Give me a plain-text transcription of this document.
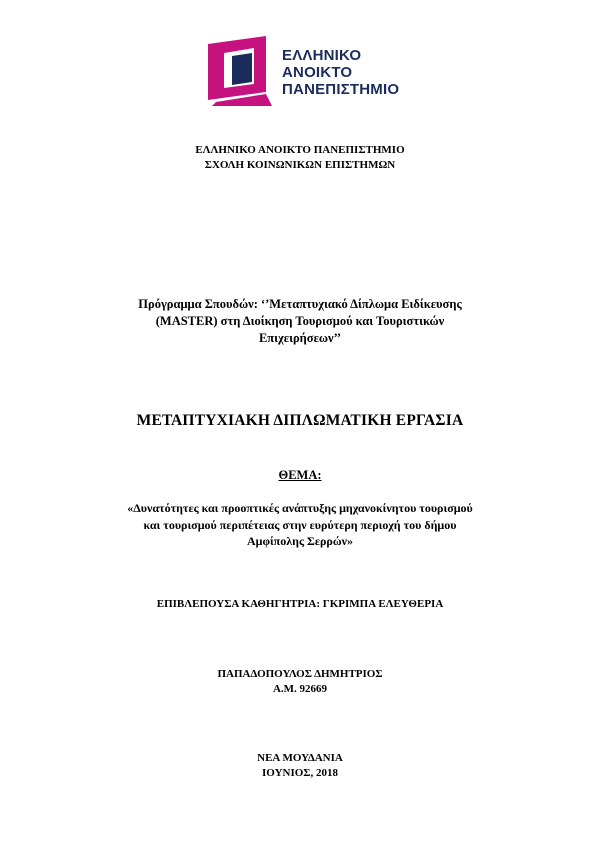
ΕΛΛΗΝΙΚΟ
ΑΝΟΙΚΤΟ
ΠΑΝΕΠΙΣΤΗΜΙΟ
ΕΛΛΗΝΙΚΟ ΑΝΟΙΚΤΟ ΠΑΝΕΠΙΣΤΗΜΙΟ
ΣΧΟΛΗ ΚΟΙΝΩΝΙΚΩΝ ΕΠΙΣΤΗΜΩΝ
Πρόγραμμα Σπουδών: ‘’Μεταπτυχιακό Δίπλωμα Ειδίκευσης
(MASTER) στη Διοίκηση Τουρισμού και Τουριστικών
Επιχειρήσεων’’
ΜΕΤΑΠΤΥΧΙΑΚΗ ΔΙΠΛΩΜΑΤΙΚΗ ΕΡΓΑΣΙΑ
ΘΕΜΑ:
«Δυνατότητες και προοπτικές ανάπτυξης μηχανοκίνητου τουρισμού
και τουρισμού περιπέτειας στην ευρύτερη περιοχή του δήμου
Αμφίπολης Σερρών»
ΕΠΙΒΛΕΠΟΥΣΑ ΚΑΘΗΓΗΤΡΙΑ: ΓΚΡΙΜΠΑ ΕΛΕΥΘΕΡΙΑ
ΠΑΠΑΔΟΠΟΥΛΟΣ ΔΗΜΗΤΡΙΟΣ
Α.Μ. 92669
ΝΕΑ ΜΟΥΔΑΝΙΑ
ΙΟΥΝΙΟΣ, 2018
